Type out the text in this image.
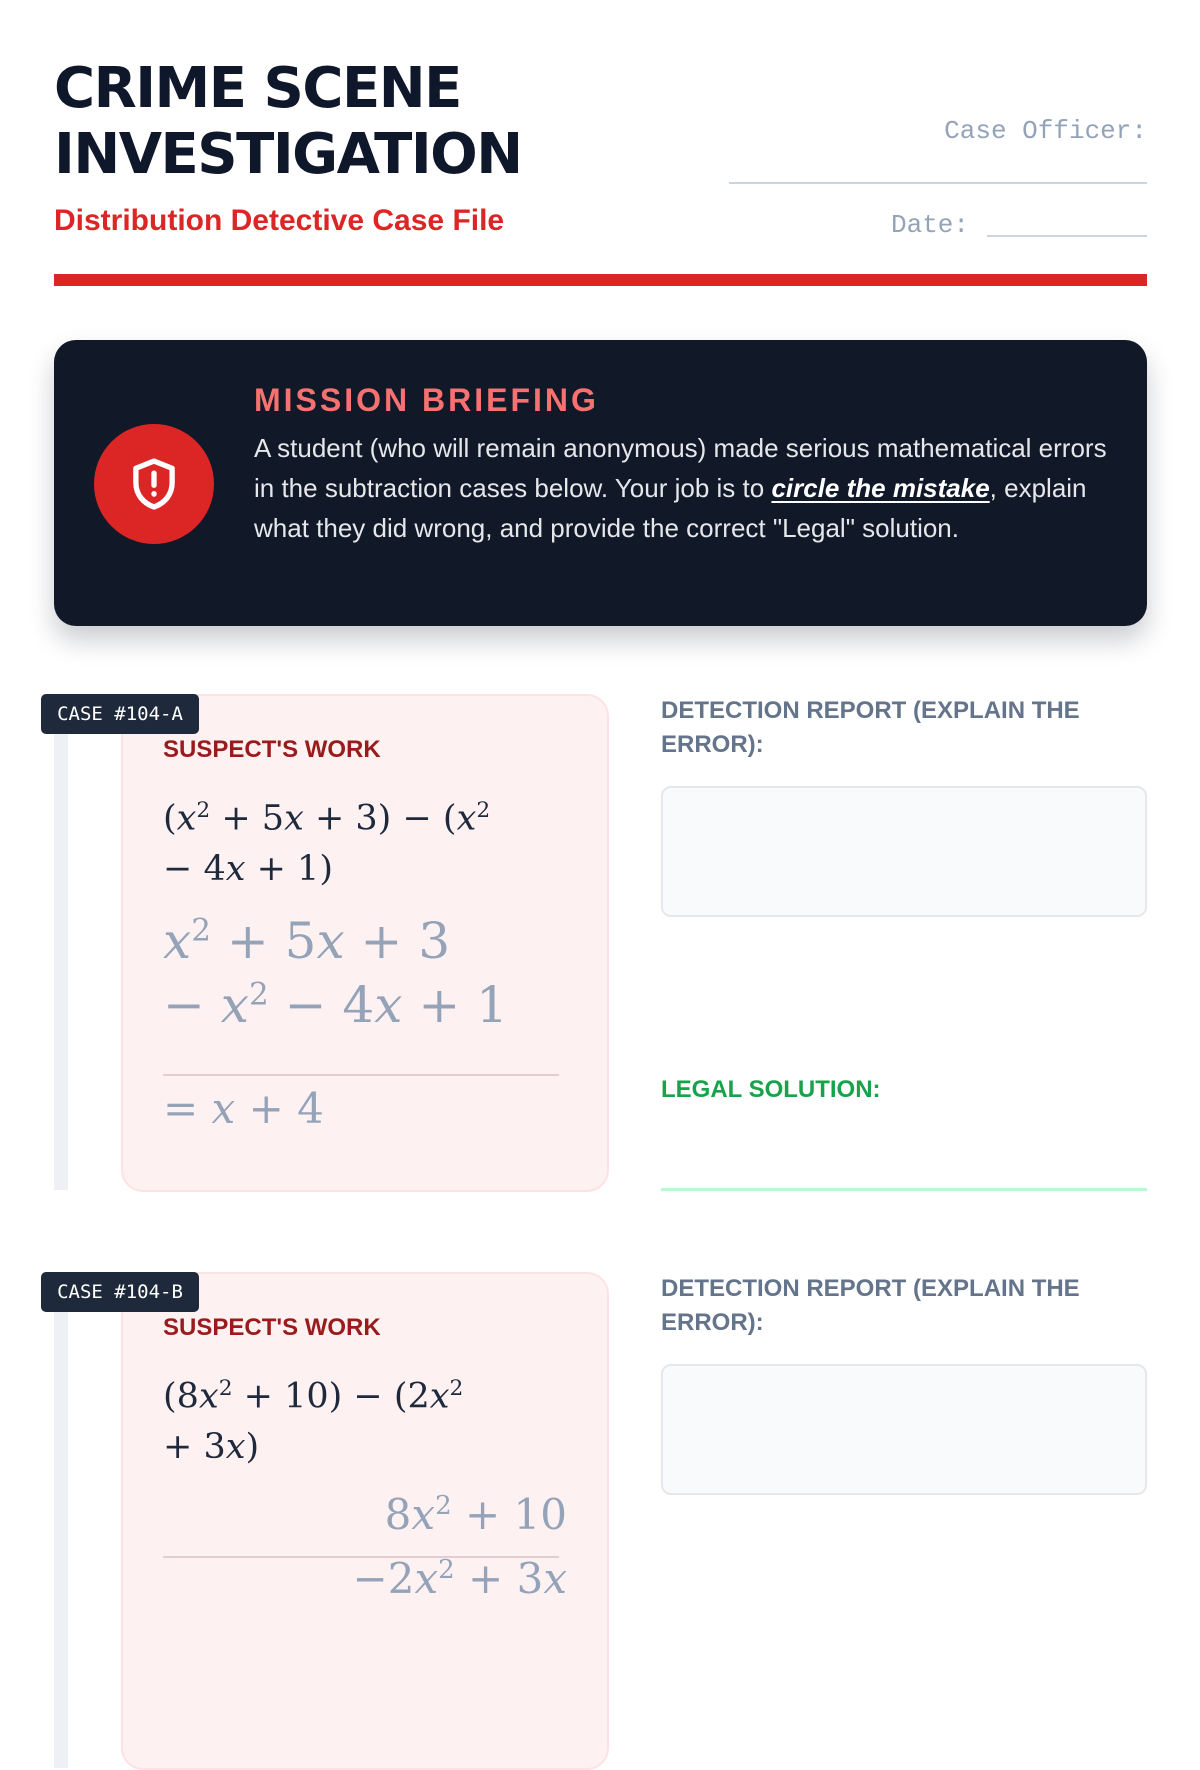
CRIME SCENE
INVESTIGATION
Distribution Detective Case File
Case Officer:
Date:
MISSION BRIEFING

A student (who will remain anonymous) made serious mathematical errors in the subtraction cases below. Your job is to circle the mistake, explain what they did wrong, and provide the correct "Legal" solution.

CASE #104-A
SUSPECT'S WORK
$(x^2 + 5x + 3) - (x^2$
− 4x + 1)
$x^2 + 5x + 3$
− $x^2 - 4x + 1$
= x + 4
DETECTION REPORT (EXPLAIN THE ERROR):
LEGAL SOLUTION:
CASE #104-B
SUSPECT'S WORK
$(8x^2 + 10) - (2x^2$
+ 3x)
$8x^2 + 10$
$-2x^2 + 3x$
DETECTION REPORT (EXPLAIN THE ERROR):
